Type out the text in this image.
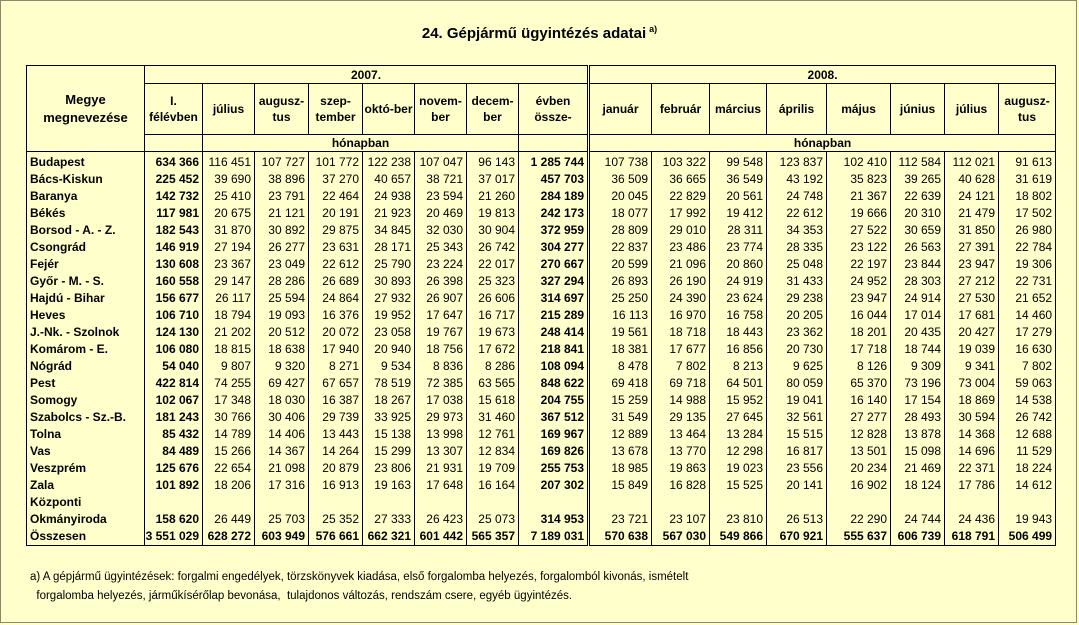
24. Gépjármű ügyintézés adatai $^{a)}$
Megye megnevezése	2007.								2008.							
	I. félévben	július	augusz-tus	szep-tember	októ-ber	novem-ber	decem-ber	évben össze-	január	február	március	április	május	június	július	augusz-tus
		hónapban							hónapban							
Budapest	634 366	116 451	107 727	101 772	122 238	107 047	96 143	1 285 744	107 738	103 322	99 548	123 837	102 410	112 584	112 021	91 613
Bács-Kiskun	225 452	39 690	38 896	37 270	40 657	38 721	37 017	457 703	36 509	36 665	36 549	43 192	35 823	39 265	40 628	31 619
Baranya	142 732	25 410	23 791	22 464	24 938	23 594	21 260	284 189	20 045	22 829	20 561	24 748	21 367	22 639	24 121	18 802
Békés	117 981	20 675	21 121	20 191	21 923	20 469	19 813	242 173	18 077	17 992	19 412	22 612	19 666	20 310	21 479	17 502
Borsod - A. - Z.	182 543	31 870	30 892	29 875	34 845	32 030	30 904	372 959	28 809	29 010	28 311	34 353	27 522	30 659	31 850	26 980
Csongrád	146 919	27 194	26 277	23 631	28 171	25 343	26 742	304 277	22 837	23 486	23 774	28 335	23 122	26 563	27 391	22 784
Fejér	130 608	23 367	23 049	22 612	25 790	23 224	22 017	270 667	20 599	21 096	20 860	25 048	22 197	23 844	23 947	19 306
Győr - M. - S.	160 558	29 147	28 286	26 689	30 893	26 398	25 323	327 294	26 893	26 190	24 919	31 433	24 952	28 303	27 212	22 731
Hajdú - Bihar	156 677	26 117	25 594	24 864	27 932	26 907	26 606	314 697	25 250	24 390	23 624	29 238	23 947	24 914	27 530	21 652
Heves	106 710	18 794	19 093	16 376	19 952	17 647	16 717	215 289	16 113	16 970	16 758	20 205	16 044	17 014	17 681	14 460
J.-Nk. - Szolnok	124 130	21 202	20 512	20 072	23 058	19 767	19 673	248 414	19 561	18 718	18 443	23 362	18 201	20 435	20 427	17 279
Komárom - E.	106 080	18 815	18 638	17 940	20 940	18 756	17 672	218 841	18 381	17 677	16 856	20 730	17 718	18 744	19 039	16 630
Nógrád	54 040	9 807	9 320	8 271	9 534	8 836	8 286	108 094	8 478	7 802	8 213	9 625	8 126	9 309	9 341	7 802
Pest	422 814	74 255	69 427	67 657	78 519	72 385	63 565	848 622	69 418	69 718	64 501	80 059	65 370	73 196	73 004	59 063
Somogy	102 067	17 348	18 030	16 387	18 267	17 038	15 618	204 755	15 259	14 988	15 952	19 041	16 140	17 154	18 869	14 538
Szabolcs - Sz.-B.	181 243	30 766	30 406	29 739	33 925	29 973	31 460	367 512	31 549	29 135	27 645	32 561	27 277	28 493	30 594	26 742
Tolna	85 432	14 789	14 406	13 443	15 138	13 998	12 761	169 967	12 889	13 464	13 284	15 515	12 828	13 878	14 368	12 688
Vas	84 489	15 266	14 367	14 264	15 299	13 307	12 834	169 826	13 678	13 770	12 298	16 817	13 501	15 098	14 696	11 529
Veszprém	125 676	22 654	21 098	20 879	23 806	21 931	19 709	255 753	18 985	19 863	19 023	23 556	20 234	21 469	22 371	18 224
Zala	101 892	18 206	17 316	16 913	19 163	17 648	16 164	207 302	15 849	16 828	15 525	20 141	16 902	18 124	17 786	14 612
Központi																
Okmányiroda	158 620	26 449	25 703	25 352	27 333	26 423	25 073	314 953	23 721	23 107	23 810	26 513	22 290	24 744	24 436	19 943
Összesen	3 551 029	628 272	603 949	576 661	662 321	601 442	565 357	7 189 031	570 638	567 030	549 866	670 921	555 637	606 739	618 791	506 499
a) A gépjármű ügyintézések: forgalmi engedélyek, törzskönyvek kiadása, első forgalomba helyezés, forgalomból kivonás, ismételt
forgalomba helyezés, járműkísérőlap bevonása,  tulajdonos változás, rendszám csere, egyéb ügyintézés.
